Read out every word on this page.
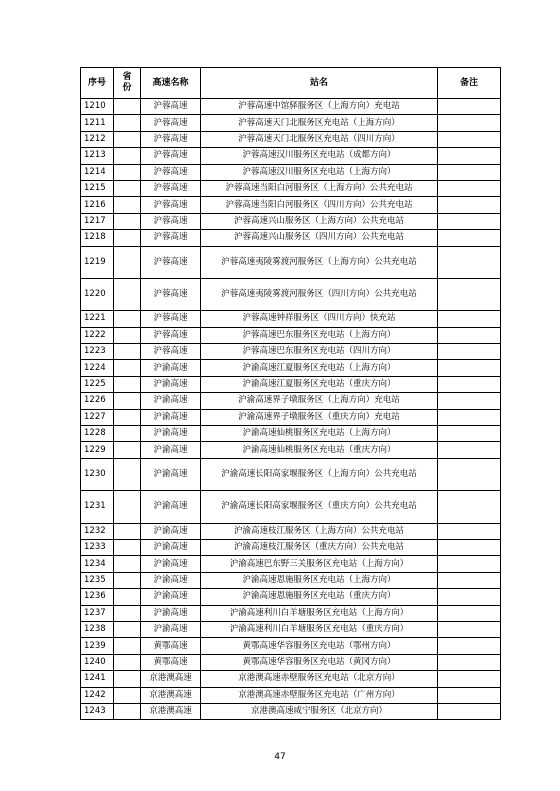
序号	省份	高速名称	站名	备注
1210		沪蓉高速	沪蓉高速中馆驿服务区（上海方向）充电站	
1211		沪蓉高速	沪蓉高速天门北服务区充电站（上海方向）	
1212		沪蓉高速	沪蓉高速天门北服务区充电站（四川方向）	
1213		沪蓉高速	沪蓉高速汉川服务区充电站（成都方向）	
1214		沪蓉高速	沪蓉高速汉川服务区充电站（上海方向）	
1215		沪蓉高速	沪蓉高速当阳白河服务区（上海方向）公共充电站	
1216		沪蓉高速	沪蓉高速当阳白河服务区（四川方向）公共充电站	
1217		沪蓉高速	沪蓉高速兴山服务区（上海方向）公共充电站	
1218		沪蓉高速	沪蓉高速兴山服务区（四川方向）公共充电站	
1219		沪蓉高速	沪蓉高速夷陵雾渡河服务区（上海方向）公共充电站	
1220		沪蓉高速	沪蓉高速夷陵雾渡河服务区（四川方向）公共充电站	
1221		沪蓉高速	沪蓉高速钟祥服务区（四川方向）快充站	
1222		沪蓉高速	沪蓉高速巴东服务区充电站（上海方向）	
1223		沪蓉高速	沪蓉高速巴东服务区充电站（四川方向）	
1224		沪渝高速	沪渝高速江夏服务区充电站（上海方向）	
1225		沪渝高速	沪渝高速江夏服务区充电站（重庆方向）	
1226		沪渝高速	沪渝高速界子墩服务区（上海方向）充电站	
1227		沪渝高速	沪渝高速界子墩服务区（重庆方向）充电站	
1228		沪渝高速	沪渝高速仙桃服务区充电站（上海方向）	
1229		沪渝高速	沪渝高速仙桃服务区充电站（重庆方向）	
1230		沪渝高速	沪渝高速长阳高家堰服务区（上海方向）公共充电站	
1231		沪渝高速	沪渝高速长阳高家堰服务区（重庆方向）公共充电站	
1232		沪渝高速	沪渝高速枝江服务区（上海方向）公共充电站	
1233		沪渝高速	沪渝高速枝江服务区（重庆方向）公共充电站	
1234		沪渝高速	沪渝高速巴东野三关服务区充电站（上海方向）	
1235		沪渝高速	沪渝高速恩施服务区充电站（上海方向）	
1236		沪渝高速	沪渝高速恩施服务区充电站（重庆方向）	
1237		沪渝高速	沪渝高速利川白羊塘服务区充电站（上海方向）	
1238		沪渝高速	沪渝高速利川白羊塘服务区充电站（重庆方向）	
1239		黄鄂高速	黄鄂高速华容服务区充电站（鄂州方向）	
1240		黄鄂高速	黄鄂高速华容服务区充电站（黄冈方向）	
1241		京港澳高速	京港澳高速赤壁服务区充电站（北京方向）	
1242		京港澳高速	京港澳高速赤壁服务区充电站（广州方向）	
1243		京港澳高速	京港澳高速咸宁服务区（北京方向）	
47
